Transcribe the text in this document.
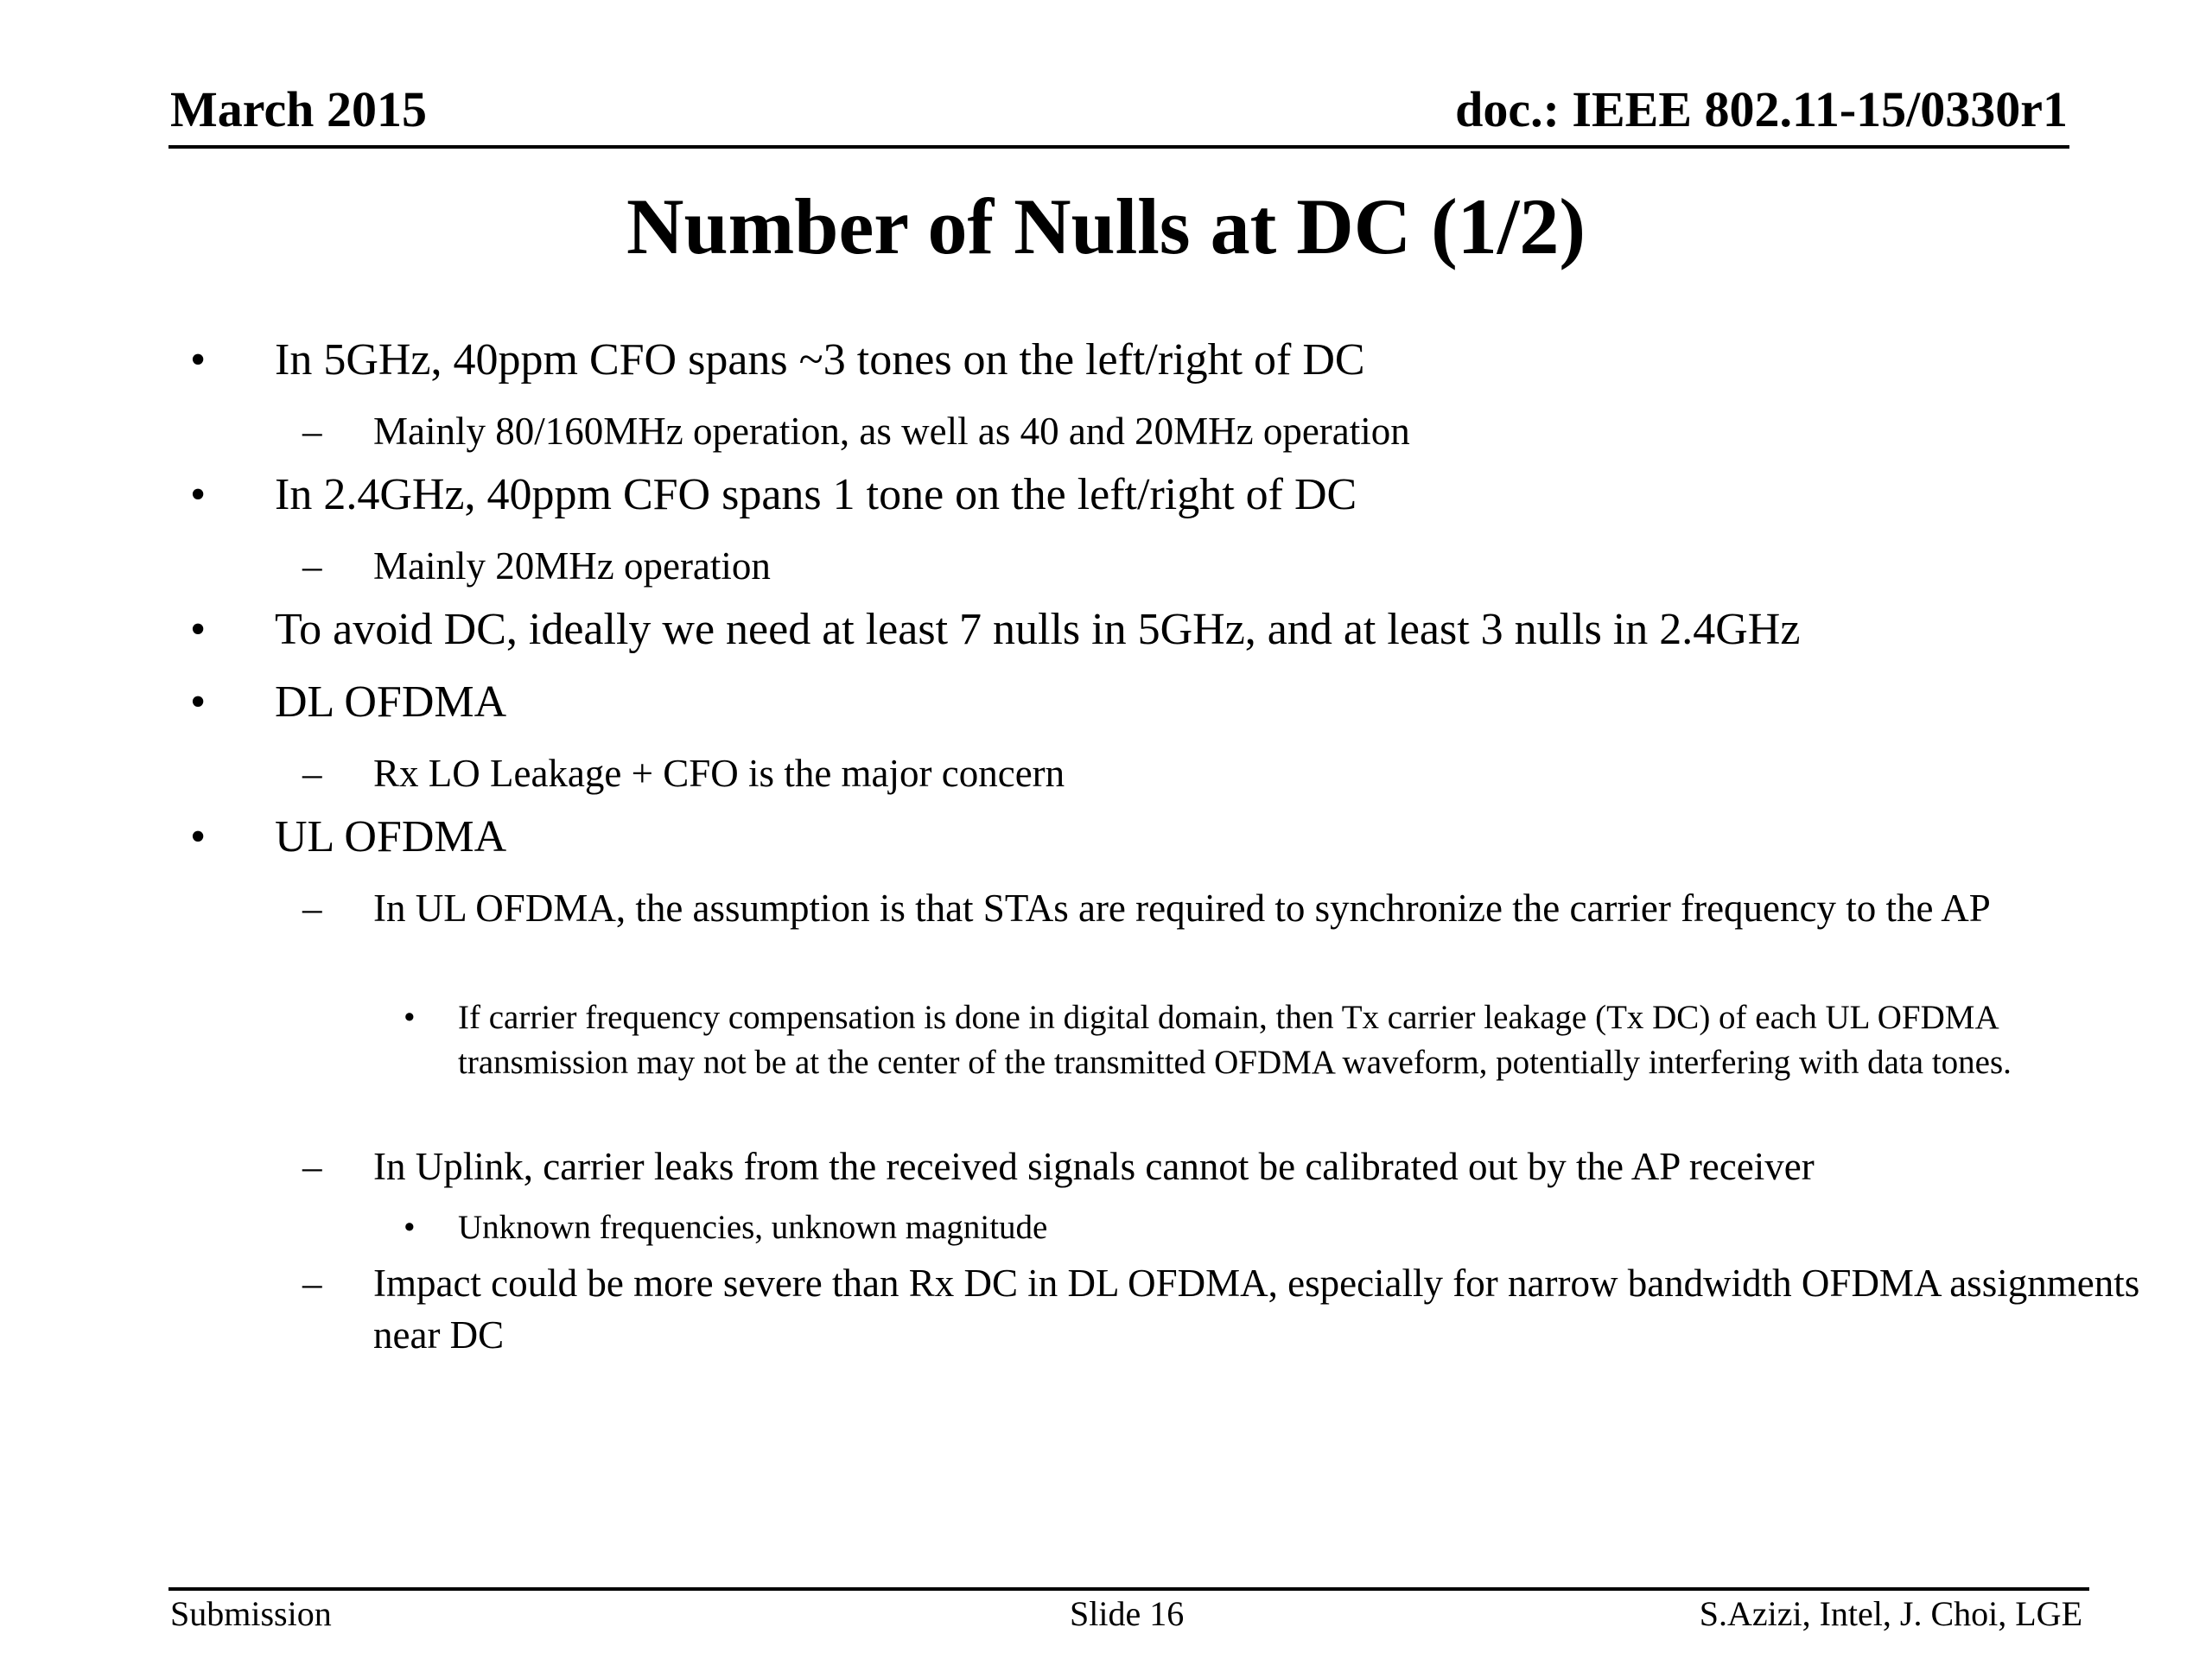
March 2015	doc.: IEEE 802.11-15/0330r1
Number of Nulls at DC (1/2)
• In 5GHz, 40ppm CFO spans ~3 tones on the left/right of DC
– Mainly 80/160MHz operation, as well as 40 and 20MHz operation
• In 2.4GHz, 40ppm CFO spans 1 tone on the left/right of DC
– Mainly 20MHz operation
• To avoid DC, ideally we need at least 7 nulls in 5GHz, and at least 3 nulls in 2.4GHz
• DL OFDMA
– Rx LO Leakage + CFO is the major concern
• UL OFDMA
– In UL OFDMA, the assumption is that STAs are required to synchronize the carrier frequency to the AP
• If carrier frequency compensation is done in digital domain, then Tx carrier leakage (Tx DC) of each UL OFDMA transmission may not be at the center of the transmitted OFDMA waveform, potentially interfering with data tones.
– In Uplink, carrier leaks from the received signals cannot be calibrated out by the AP receiver
• Unknown frequencies, unknown magnitude
– Impact could be more severe than Rx DC in DL OFDMA, especially for narrow bandwidth OFDMA assignments near DC
Submission	Slide 16	S.Azizi, Intel, J. Choi, LGE
